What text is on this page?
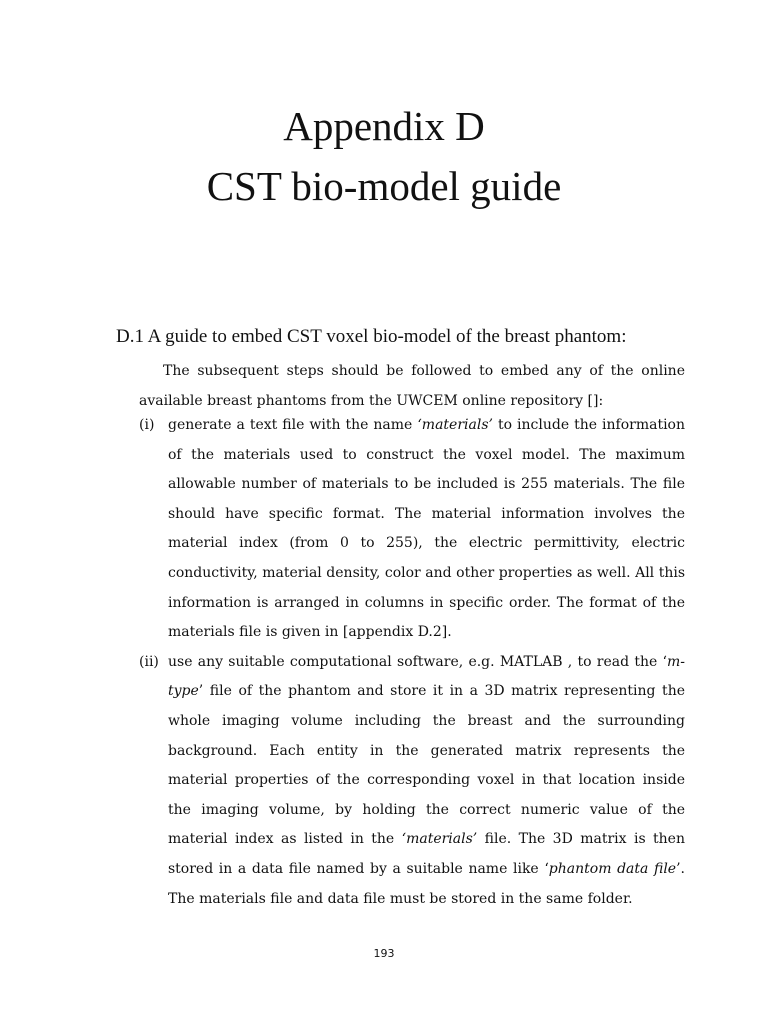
Appendix D
CST bio-model guide
D.1 A guide to embed CST voxel bio-model of the breast phantom:

The subsequent steps should be followed to embed any of the online available breast phantoms from the UWCEM online repository []:

(i) generate a text file with the name ‘materials’ to include the information of the materials used to construct the voxel model. The maximum allowable number of materials to be included is 255 materials. The file should have specific format. The material information involves the material index (from 0 to 255), the electric permittivity, electric conductivity, material density, color and other properties as well. All this information is arranged in columns in specific order. The format of the materials file is given in [appendix D.2].

(ii) use any suitable computational software, e.g. MATLAB , to read the ‘m-type’ file of the phantom and store it in a 3D matrix representing the whole imaging volume including the breast and the surrounding background. Each entity in the generated matrix represents the material properties of the corresponding voxel in that location inside the imaging volume, by holding the correct numeric value of the material index as listed in the ‘materials’ file. The 3D matrix is then stored in a data file named by a suitable name like ‘phantom data file’. The materials file and data file must be stored in the same folder.

193
